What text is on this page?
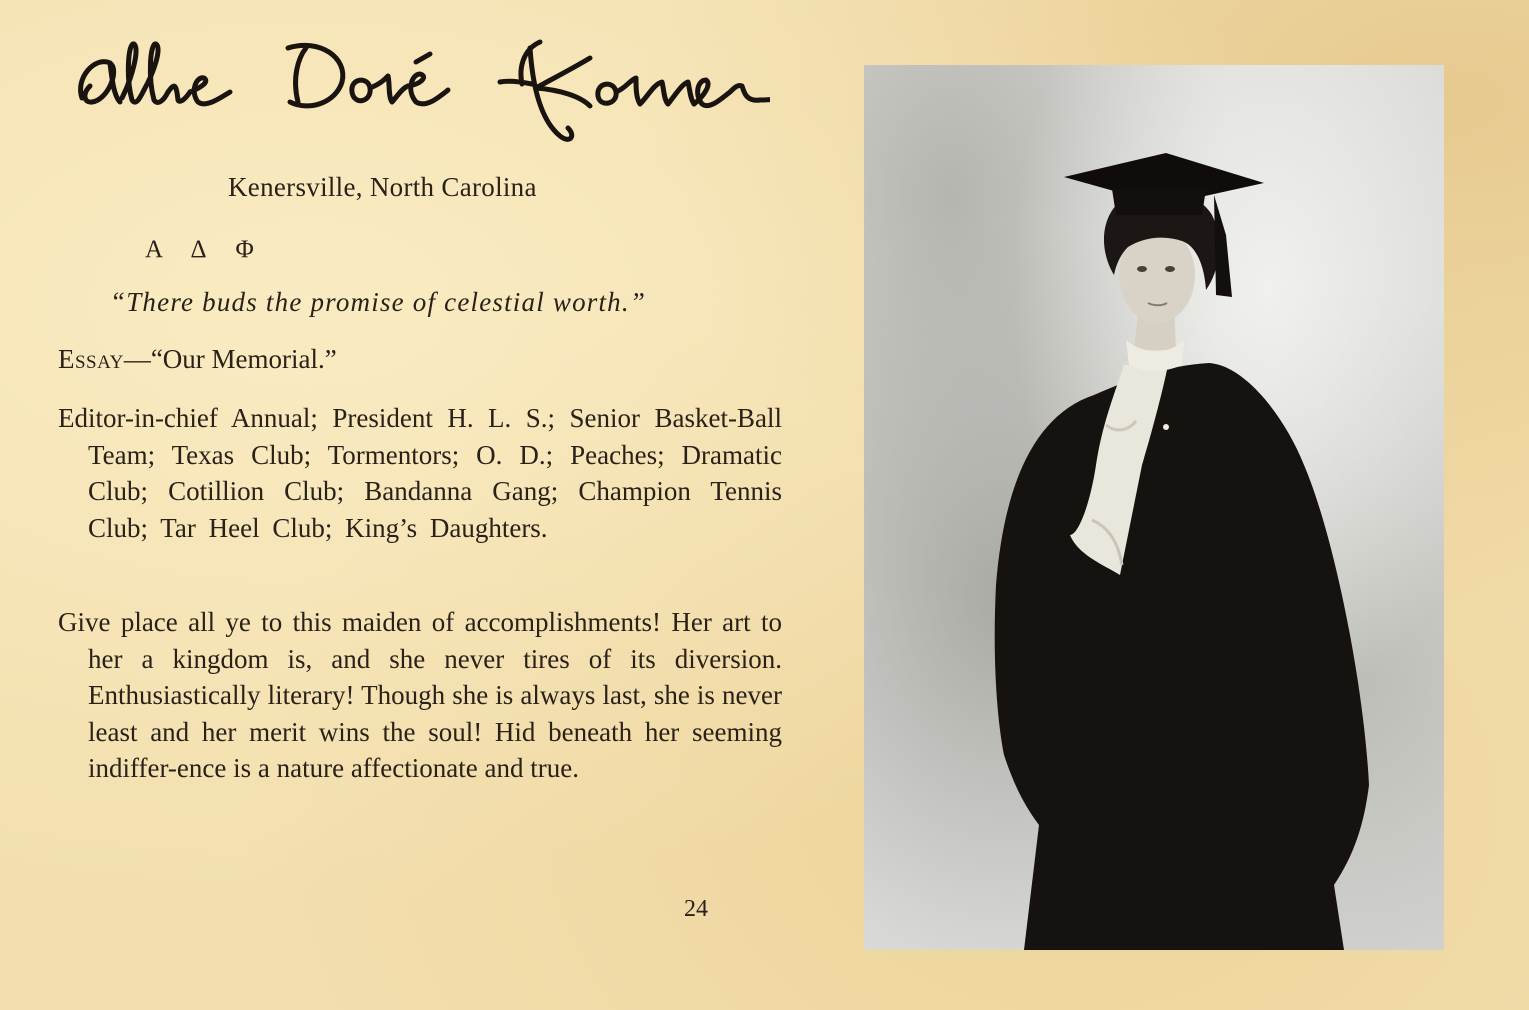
Kenersville, North Carolina
Α Δ Φ
“There buds the promise of celestial worth.”
Essay—“Our Memorial.”
Editor-in-chief Annual; President H. L. S.; Senior Basket-Ball Team; Texas Club; Tormentors; O. D.; Peaches; Dramatic Club; Cotillion Club; Bandanna Gang; Champion Tennis Club; Tar Heel Club; King’s Daughters.
Give place all ye to this maiden of accomplishments! Her art to her a kingdom is, and she never tires of its diversion. Enthusiastically literary! Though she is always last, she is never least and her merit wins the soul! Hid beneath her seeming indiffer-ence is a nature affectionate and true.
24
